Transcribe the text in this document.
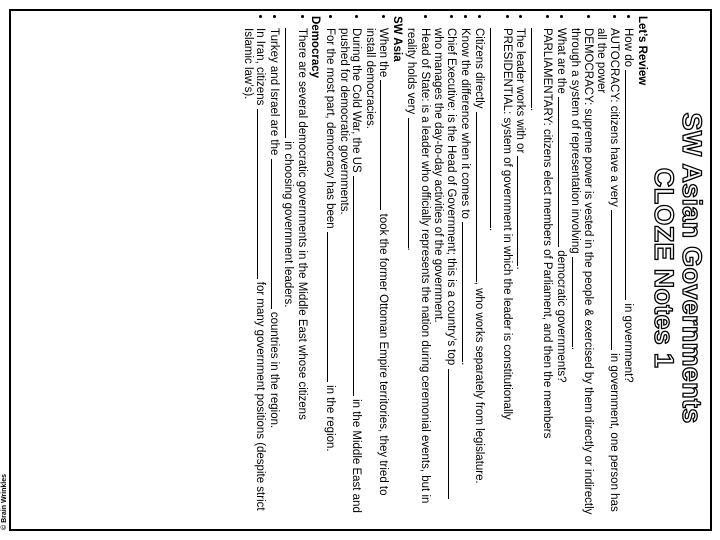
SW Asian Governments
CLOZE Notes 1
Let’s Review
• How do  in government?
• AUTOCRACY: citizens have a very  in government, one person has all the power
• DEMOCRACY: supreme power is vested in the people & exercised by them directly or indirectly through a system of representation involving .
• What are the  democratic governments?
• PARLIAMENTARY: citizens elect members of Parliament, and then the members .
• The leader works with or .
• PRESIDENTIAL: system of government in which the leader is constitutionally .
• Citizens directly , who works separately from legislature.
• Know the difference when it comes to .
• Chief Executive: is the Head of Government; this is a country’s top  who manages the day-to-day activities of the government.
• Head of State: is a leader who officially represents the nation during ceremonial events, but in reality holds very .
SW Asia
• When the  took the former Ottoman Empire territories, they tried to install democracies.
• During the Cold War, the US  in the Middle East and pushed for democratic governments.
• For the most part, democracy has been  in the region.
Democracy
• There are several democratic governments in the Middle East whose citizens  in choosing government leaders.
• Turkey and Israel are the  countries in the region.
• In Iran, citizens  for many government positions (despite strict Islamic law’s).
© Brain Wrinkles
